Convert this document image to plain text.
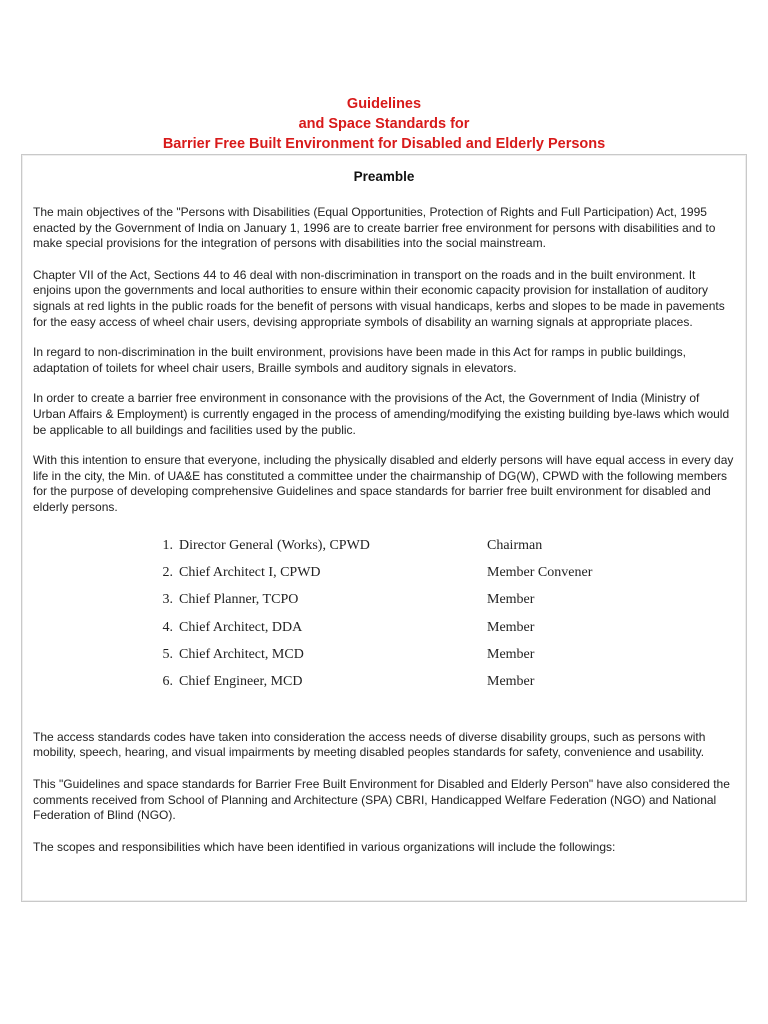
Guidelines
and Space Standards for
Barrier Free Built Environment for Disabled and Elderly Persons
Preamble

The main objectives of the "Persons with Disabilities (Equal Opportunities, Protection of Rights and Full Participation) Act, 1995 enacted by the Government of India on January 1, 1996 are to create barrier free environment for persons with disabilities and to make special provisions for the integration of persons with disabilities into the social mainstream.

Chapter VII of the Act, Sections 44 to 46 deal with non-discrimination in transport on the roads and in the built environment. It enjoins upon the governments and local authorities to ensure within their economic capacity provision for installation of auditory signals at red lights in the public roads for the benefit of persons with visual handicaps, kerbs and slopes to be made in pavements for the easy access of wheel chair users, devising appropriate symbols of disability an warning signals at appropriate places.

In regard to non-discrimination in the built environment, provisions have been made in this Act for ramps in public buildings, adaptation of toilets for wheel chair users, Braille symbols and auditory signals in elevators.

In order to create a barrier free environment in consonance with the provisions of the Act, the Government of India (Ministry of Urban Affairs & Employment) is currently engaged in the process of amending/modifying the existing building bye-laws which would be applicable to all buildings and facilities used by the public.

With this intention to ensure that everyone, including the physically disabled and elderly persons will have equal access in every day life in the city, the Min. of UA&E has constituted a committee under the chairmanship of DG(W), CPWD with the following members for the purpose of developing comprehensive Guidelines and space standards for barrier free built environment for disabled and elderly persons.

1. Director General (Works), CPWD	Chairman
2. Chief Architect I, CPWD	Member Convener
3. Chief Planner, TCPO	Member
4. Chief Architect, DDA	Member
5. Chief Architect, MCD	Member
6. Chief Engineer, MCD	Member

The access standards codes have taken into consideration the access needs of diverse disability groups, such as persons with mobility, speech, hearing, and visual impairments by meeting disabled peoples standards for safety, convenience and usability.

This "Guidelines and space standards for Barrier Free Built Environment for Disabled and Elderly Person" have also considered the comments received from School of Planning and Architecture (SPA) CBRI, Handicapped Welfare Federation (NGO) and National Federation of Blind (NGO).

The scopes and responsibilities which have been identified in various organizations will include the followings:
